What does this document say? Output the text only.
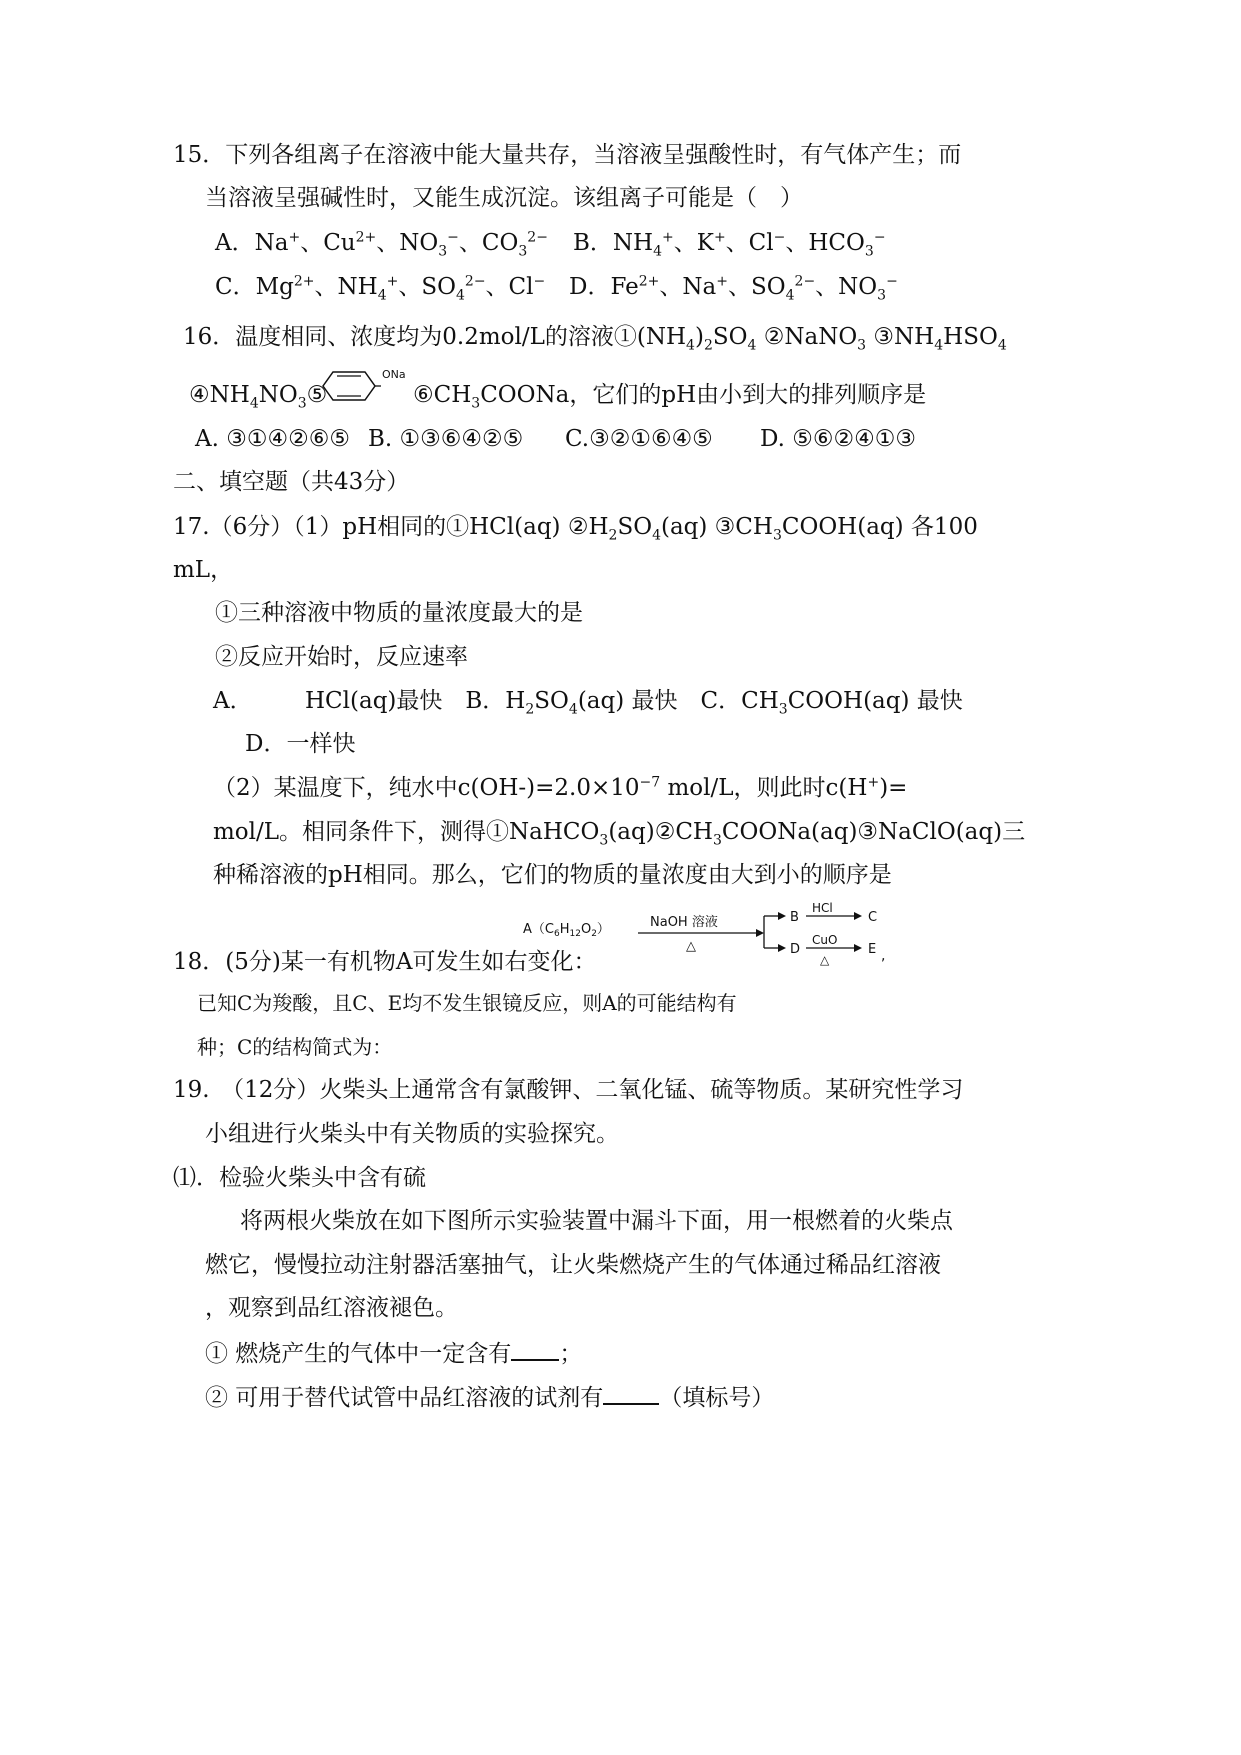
15．下列各组离子在溶液中能大量共存，当溶液呈强酸性时，有气体产生；而
当溶液呈强碱性时，又能生成沉淀。该组离子可能是（　）
A．Na+、$Cu^{2+}$、$NO_3^-$、$CO_3^{2-}$ B．$NH_4^+$、K+、Cl−、$HCO_3^-$
C．$Mg^{2+}$、$NH_4^+$、$SO_4^{2-}$、Cl− D．$Fe^{2+}$、Na+、$SO_4^{2-}$、$NO_3^-$
16．温度相同、浓度均为0.2mol/L的溶液$①(NH_4)_2SO_4$ ②NaNO$_3$ $③NH_4HSO_4$
$④NH_4NO_3⑤$
ONa
$⑥CH_3COONa$，它们的pH由小到大的排列顺序是
A. ③①④②⑥⑤ B. ①③⑥④②⑤ C.③②①⑥④⑤ D. ⑤⑥②④①③
二、填空题（共43分）
17.（6分）（1）pH相同的①HCl(aq) $②H_2SO_4(aq)$ $③CH_3COOH(aq)$ 各100
mL，
①三种溶液中物质的量浓度最大的是
②反应开始时，反应速率
A． HCl(aq)最快　B．$H_2SO_4(aq)$ 最快　C．$CH_3COOH(aq)$ 最快
D．一样快
（2）某温度下，纯水中$c(OH-)=2.0\times 10^{-7}$ mol/L，则此时c(H+)=
mol/L。相同条件下，测得$①NaHCO_3(aq)②CH_3COONa(aq)③NaClO(aq)$三
种稀溶液的pH相同。那么，它们的物质的量浓度由大到小的顺序是
$A(C_6H_{12}O_2)$	NaOH 溶液
△
B
HCl
C
D
CuO
△
E ,
18．(5分)某一有机物A可发生如右变化：
已知C为羧酸，且C、E均不发生银镜反应，则A的可能结构有
种；C的结构简式为：
19.　（12分）火柴头上通常含有氯酸钾、二氧化锰、硫等物质。某研究性学习
小组进行火柴头中有关物质的实验探究。
⑴．检验火柴头中含有硫
将两根火柴放在如下图所示实验装置中漏斗下面，用一根燃着的火柴点
燃它，慢慢拉动注射器活塞抽气，让火柴燃烧产生的气体通过稀品红溶液
，观察到品红溶液褪色。
① 燃烧产生的气体中一定含有 ；
② 可用于替代试管中品红溶液的试剂有 （填标号）
